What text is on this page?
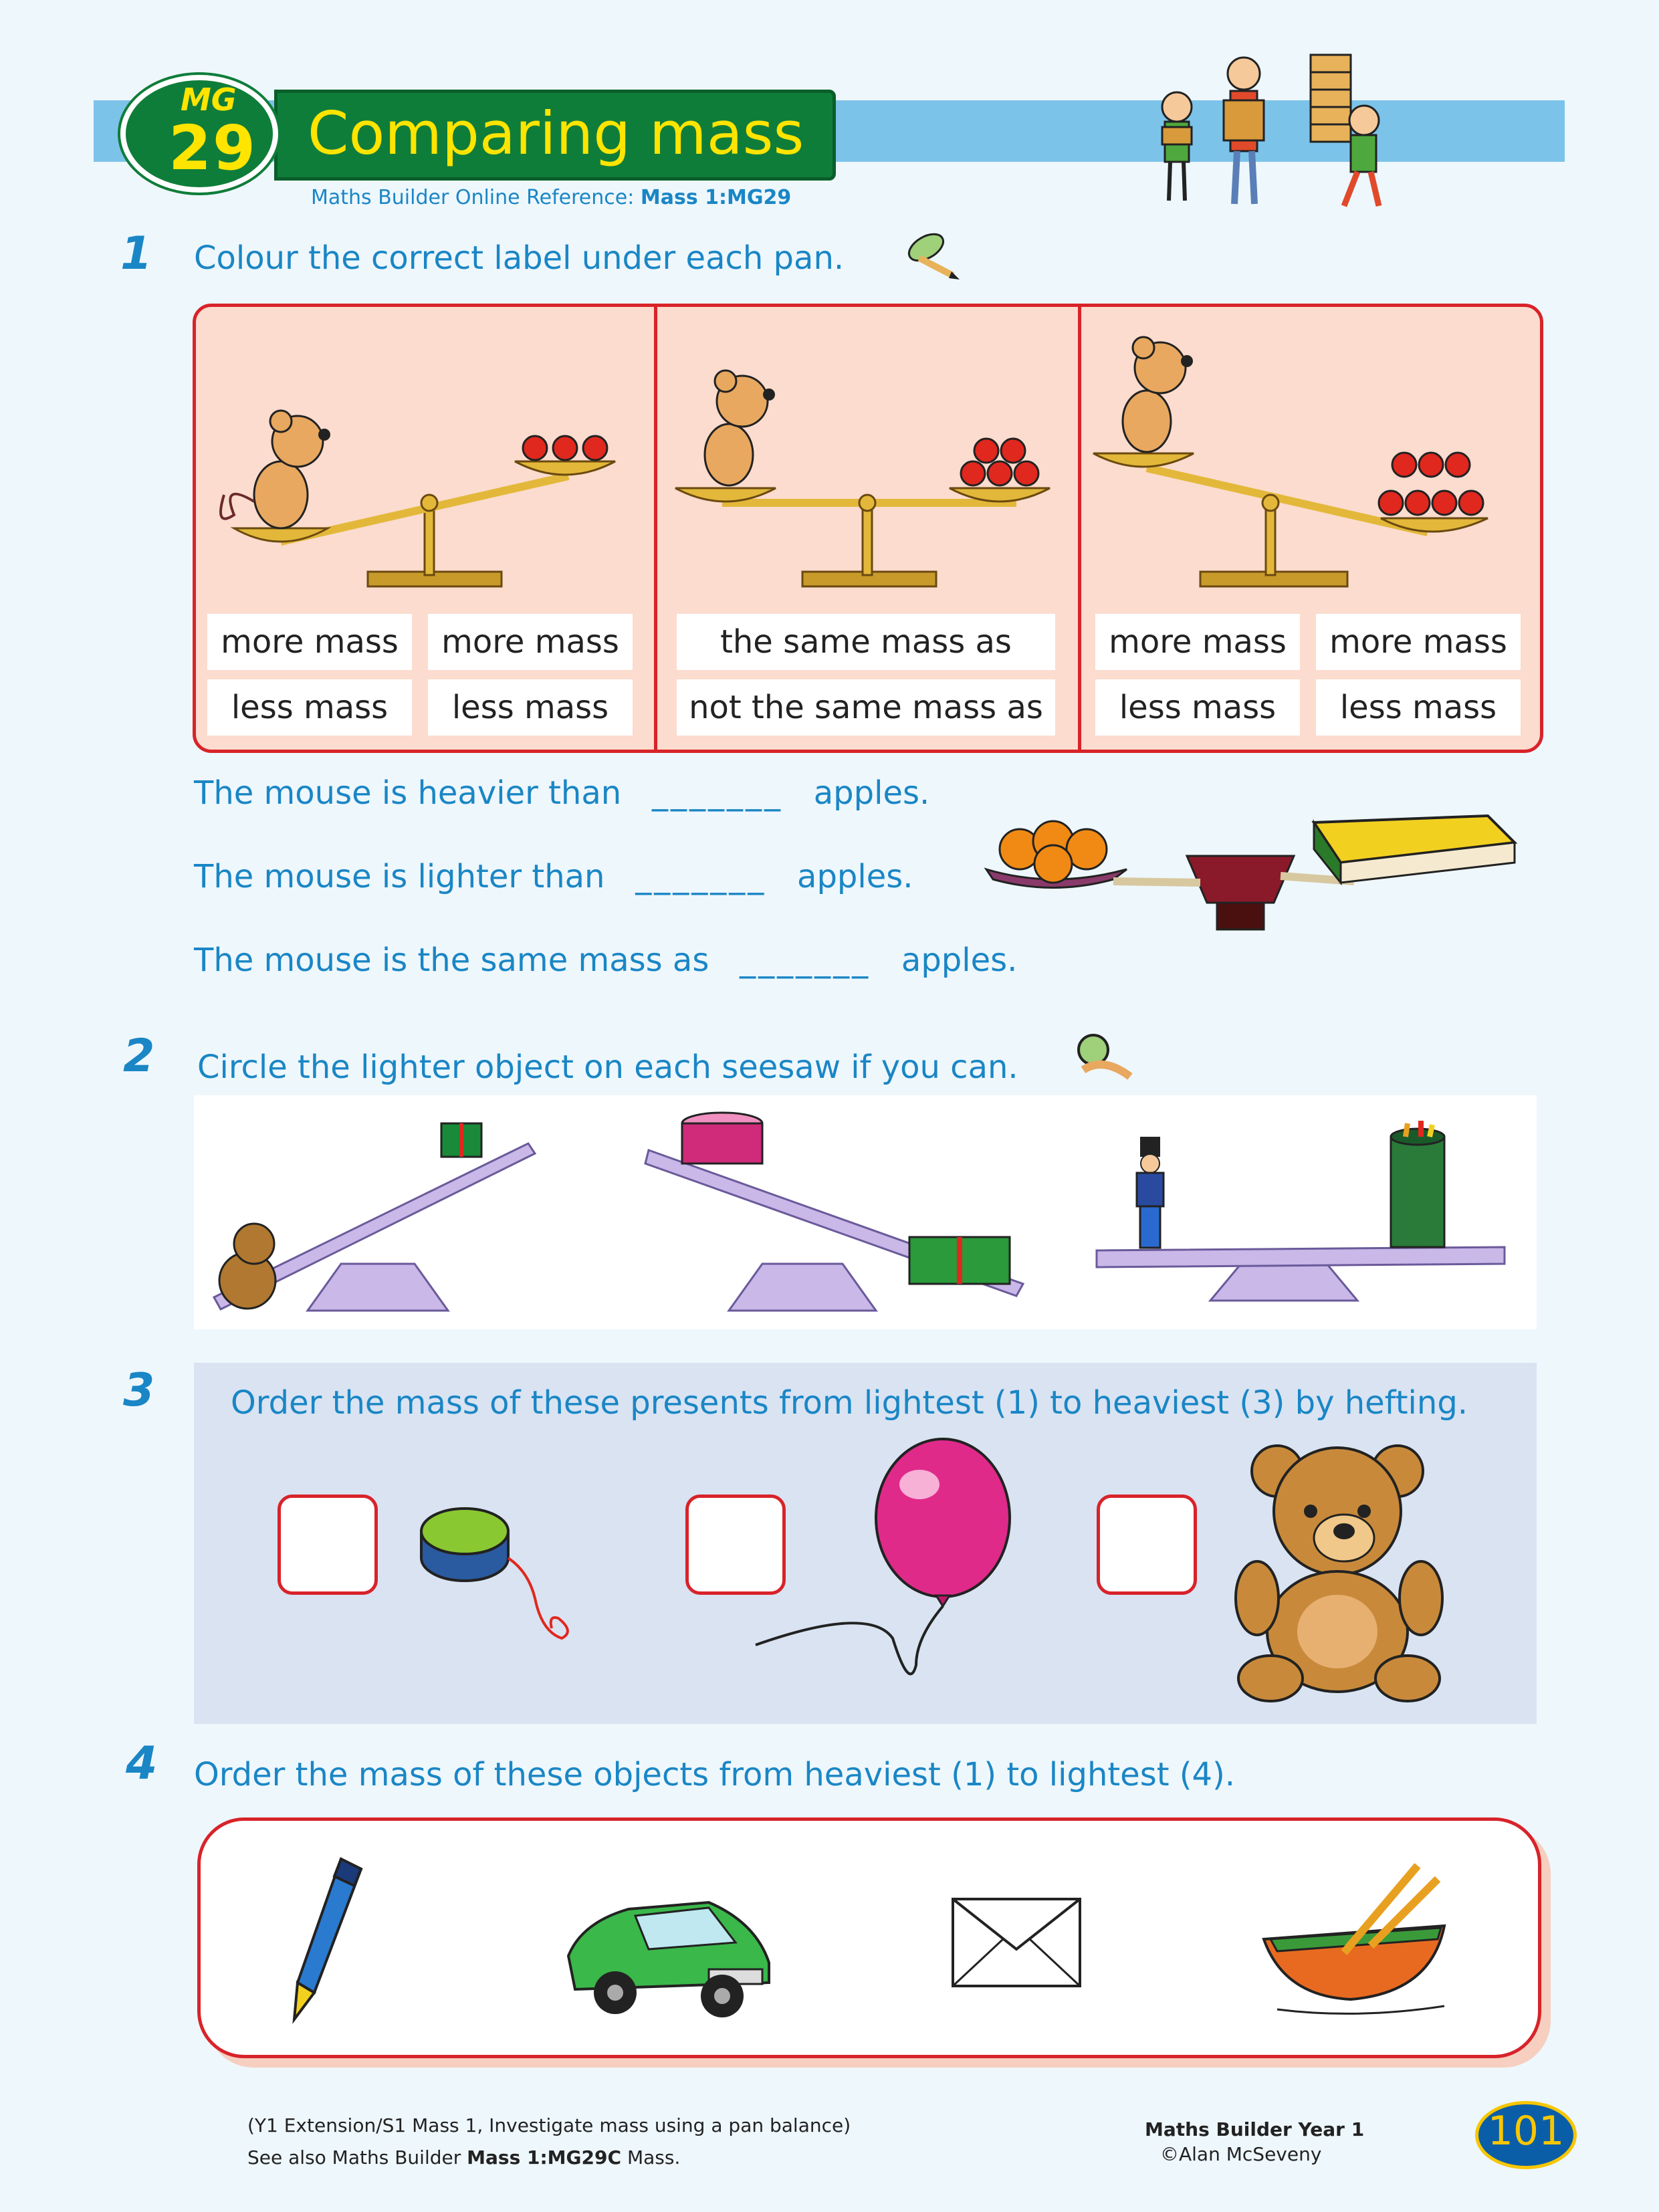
MG
29 Comparing mass
Maths Builder Online Reference: Mass 1:MG29
1 Colour the correct label under each pan.
more mass	more mass
less mass	less mass
the same mass as
not the same mass as
more mass	more mass
less mass	less mass
The mouse is heavier than _______ apples.
The mouse is lighter than _______ apples.
The mouse is the same mass as _______ apples.
2 Circle the lighter object on each seesaw if you can.
3 Order the mass of these presents from lightest (1) to heaviest (3) by hefting.
4 Order the mass of these objects from heaviest (1) to lightest (4).
(Y1 Extension/S1 Mass 1, Investigate mass using a pan balance)
See also Maths Builder Mass 1:MG29C Mass.
Maths Builder Year 1
©Alan McSeveny	101
